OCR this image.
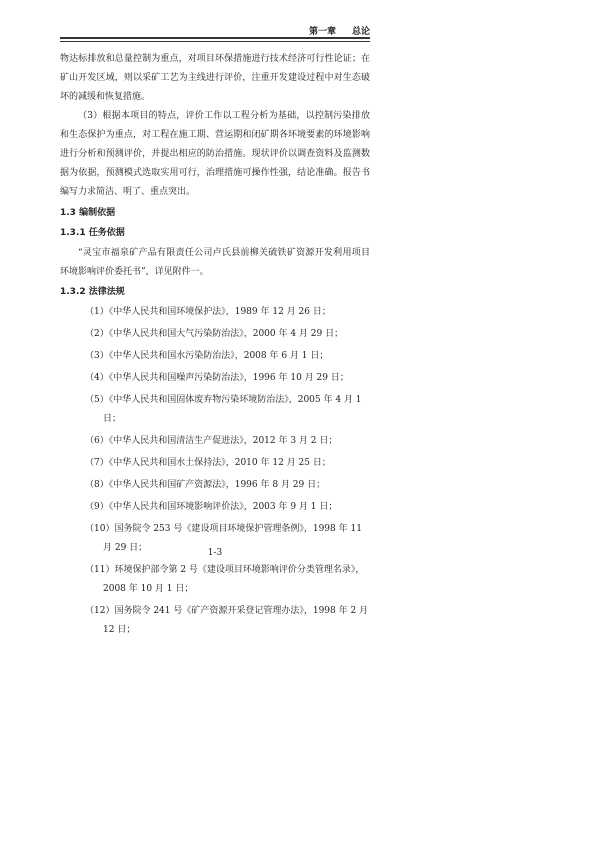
第一章 总论

物达标排放和总量控制为重点，对项目环保措施进行技术经济可行性论证；在矿山开发区域，则以采矿工艺为主线进行评价，注重开发建设过程中对生态破坏的减缓和恢复措施。

（3）根据本项目的特点，评价工作以工程分析为基础，以控制污染排放和生态保护为重点，对工程在施工期、营运期和闭矿期各环境要素的环境影响进行分析和预测评价，并提出相应的防治措施。现状评价以调查资料及监测数据为依据，预测模式选取实用可行，治理措施可操作性强，结论准确。报告书编写力求简洁、明了、重点突出。

1.3 编制依据
1.3.1 任务依据

“灵宝市福泉矿产品有限责任公司卢氏县前柳关硫铁矿资源开发利用项目环境影响评价委托书”，详见附件一。

1.3.2 法律法规
（1）《中华人民共和国环境保护法》，1989 年 12 月 26 日；
（2）《中华人民共和国大气污染防治法》，2000 年 4 月 29 日；
（3）《中华人民共和国水污染防治法》，2008 年 6 月 1 日；
（4）《中华人民共和国噪声污染防治法》，1996 年 10 月 29 日；
（5）《中华人民共和国固体废弃物污染环境防治法》，2005 年 4 月 1 日；
（6）《中华人民共和国清洁生产促进法》，2012 年 3 月 2 日；
（7）《中华人民共和国水土保持法》，2010 年 12 月 25 日；
（8）《中华人民共和国矿产资源法》，1996 年 8 月 29 日；
（9）《中华人民共和国环境影响评价法》，2003 年 9 月 1 日；
（10）国务院令 253 号《建设项目环境保护管理条例》，1998 年 11 月 29 日；
（11）环境保护部令第 2 号《建设项目环境影响评价分类管理名录》，2008 年 10 月 1 日；
（12）国务院令 241 号《矿产资源开采登记管理办法》，1998 年 2 月 12 日；
1-3
